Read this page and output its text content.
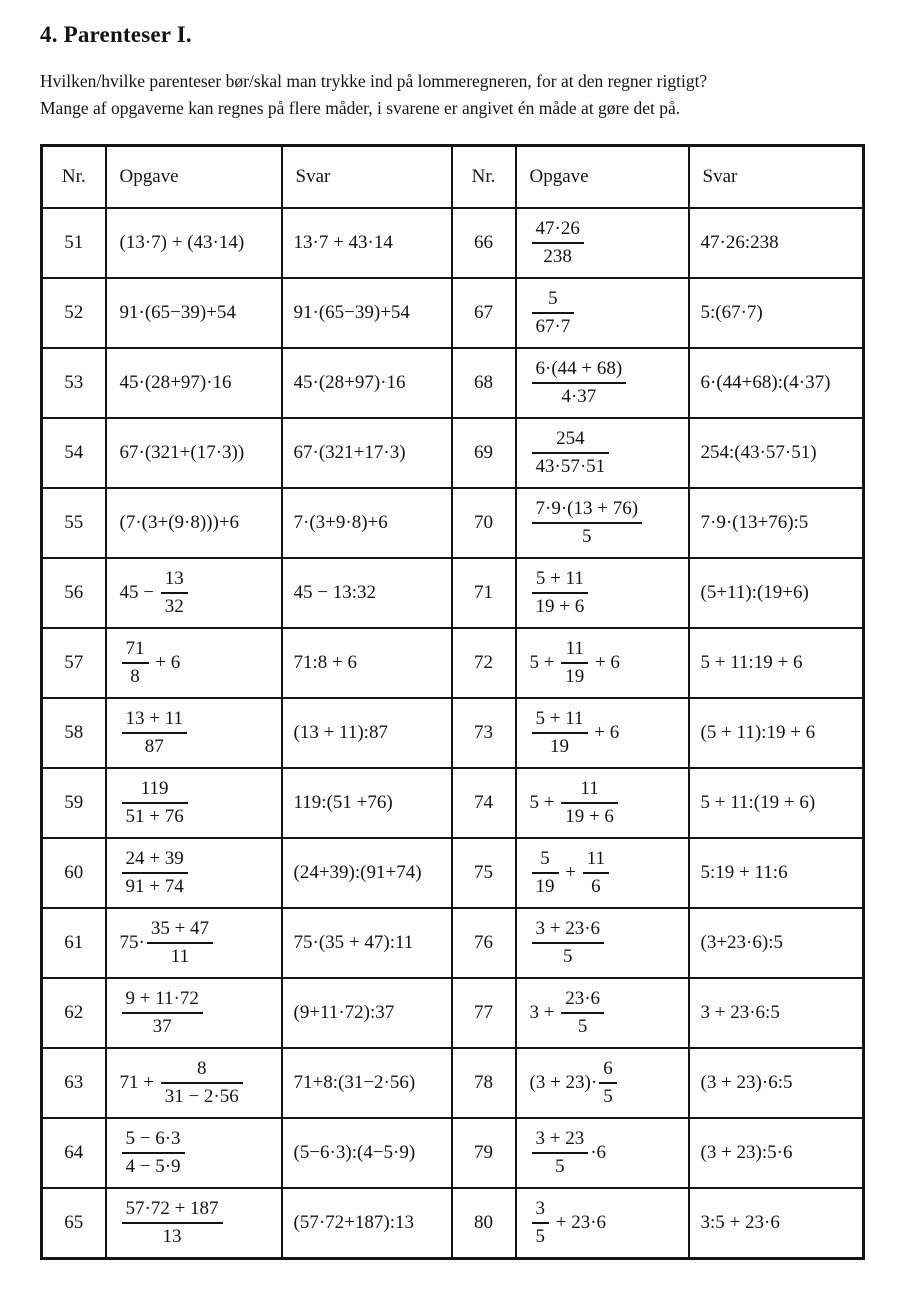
4. Parenteser I.

Hvilken/hvilke parenteser bør/skal man trykke ind på lommeregneren, for at den regner rigtigt?

Mange af opgaverne kan regnes på flere måder, i svarene er angivet én måde at gøre det på.

Nr.	Opgave	Svar	Nr.	Opgave	Svar
51	(13·7) + (43·14)	13·7 + 43·14	66	$\frac{47\cdot 26}{238}$	47·26:238
52	91·(65−39)+54	91·(65−39)+54	67	$\frac{5}{67\cdot 7}$	5:(67·7)
53	45·(28+97)·16	45·(28+97)·16	68	$\frac{6\cdot(44 + 68)}{4\cdot 37}$	6·(44+68):(4·37)
54	67·(321+(17·3))	67·(321+17·3)	69	$\frac{254}{43\cdot 57\cdot 51}$	254:(43·57·51)
55	(7·(3+(9·8)))+6	7·(3+9·8)+6	70	$\frac{7\cdot 9\cdot(13 + 76)}{5}$	7·9·(13+76):5
56	$45 - \frac{13}{32}$	45 − 13:32	71	$\frac{5 + 11}{19 + 6}$	(5+11):(19+6)
57	$\frac{71}{8} + 6$	71:8 + 6	72	$5 + \frac{11}{19} + 6$	5 + 11:19 + 6
58	$\frac{13 + 11}{87}$	(13 + 11):87	73	$\frac{5 + 11}{19} + 6$	(5 + 11):19 + 6
59	$\frac{119}{51 + 76}$	119:(51 +76)	74	$5 + \frac{11}{19 + 6}$	5 + 11:(19 + 6)
60	$\frac{24 + 39}{91 + 74}$	(24+39):(91+74)	75	$\frac{5}{19} + \frac{11}{6}$	5:19 + 11:6
61	$75\cdot \frac{35 + 47}{11}$	75·(35 + 47):11	76	$\frac{3 + 23\cdot 6}{5}$	(3+23·6):5
62	$\frac{9 + 11\cdot 72}{37}$	(9+11·72):37	77	$3 + \frac{23\cdot 6}{5}$	3 + 23·6:5
63	$71 + \frac{8}{31 - 2\cdot 56}$	71+8:(31−2·56)	78	$(3 + 23)\cdot \frac{6}{5}$	(3 + 23)·6:5
64	$\frac{5 - 6\cdot 3}{4 - 5\cdot 9}$	(5−6·3):(4−5·9)	79	$\frac{3 + 23}{5} \cdot 6$	(3 + 23):5·6
65	$\frac{57\cdot 72 + 187}{13}$	(57·72+187):13	80	$\frac{3}{5} + 23\cdot 6$	3:5 + 23·6
